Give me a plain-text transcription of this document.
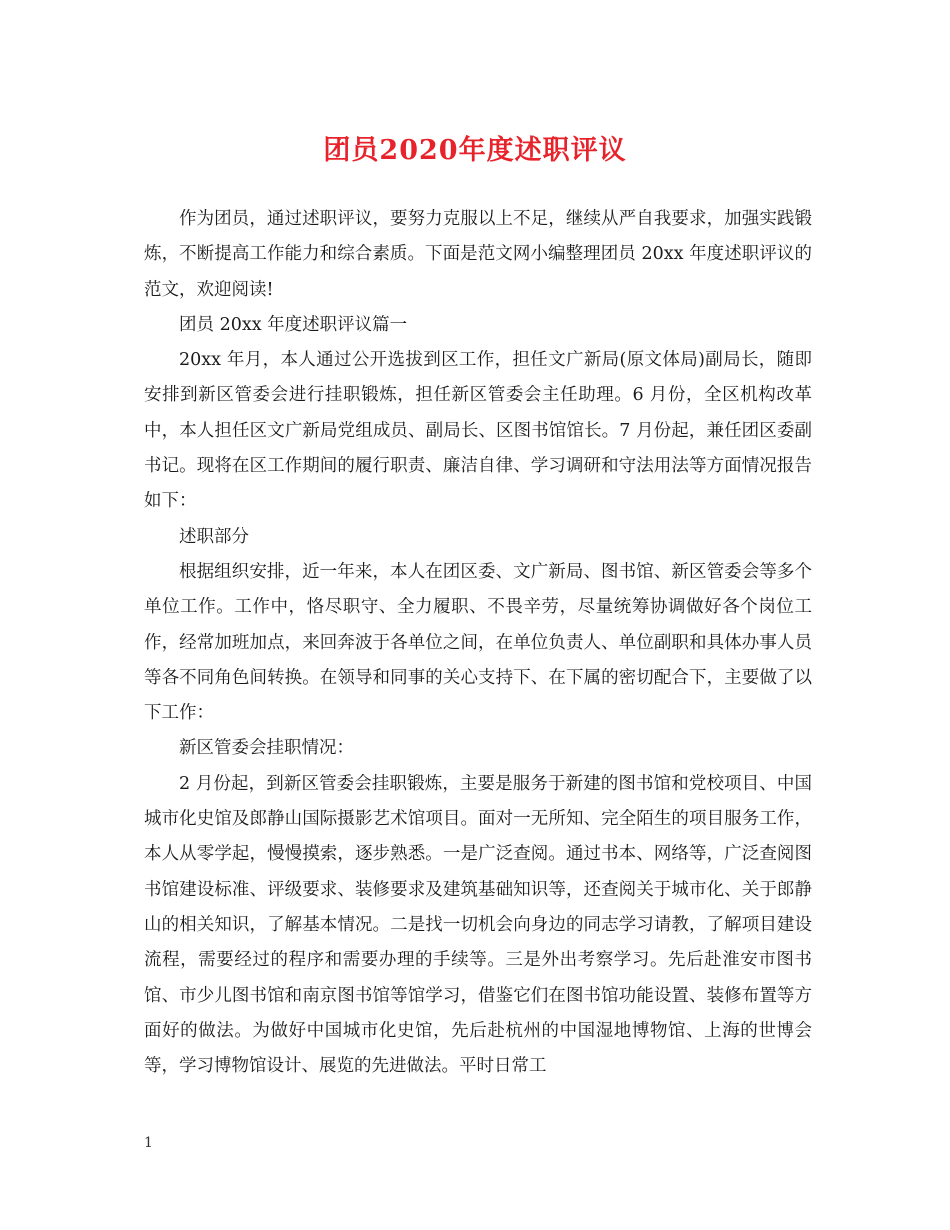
团员2020年度述职评议

作为团员，通过述职评议，要努力克服以上不足，继续从严自我要求，加强实践锻炼，不断提高工作能力和综合素质。下面是范文网小编整理团员 20xx 年度述职评议的范文，欢迎阅读!

团员 20xx 年度述职评议篇一

20xx 年月，本人通过公开选拔到区工作，担任文广新局(原文体局)副局长，随即安排到新区管委会进行挂职锻炼，担任新区管委会主任助理。6 月份，全区机构改革中，本人担任区文广新局党组成员、副局长、区图书馆馆长。7 月份起，兼任团区委副书记。现将在区工作期间的履行职责、廉洁自律、学习调研和守法用法等方面情况报告如下：

述职部分

根据组织安排，近一年来，本人在团区委、文广新局、图书馆、新区管委会等多个单位工作。工作中，恪尽职守、全力履职、不畏辛劳，尽量统筹协调做好各个岗位工作，经常加班加点，来回奔波于各单位之间，在单位负责人、单位副职和具体办事人员等各不同角色间转换。在领导和同事的关心支持下、在下属的密切配合下，主要做了以下工作：

新区管委会挂职情况：

2 月份起，到新区管委会挂职锻炼，主要是服务于新建的图书馆和党校项目、中国城市化史馆及郎静山国际摄影艺术馆项目。面对一无所知、完全陌生的项目服务工作，本人从零学起，慢慢摸索，逐步熟悉。一是广泛查阅。通过书本、网络等，广泛查阅图书馆建设标准、评级要求、装修要求及建筑基础知识等，还查阅关于城市化、关于郎静山的相关知识，了解基本情况。二是找一切机会向身边的同志学习请教，了解项目建设流程，需要经过的程序和需要办理的手续等。三是外出考察学习。先后赴淮安市图书馆、市少儿图书馆和南京图书馆等馆学习，借鉴它们在图书馆功能设置、装修布置等方面好的做法。为做好中国城市化史馆，先后赴杭州的中国湿地博物馆、上海的世博会等，学习博物馆设计、展览的先进做法。平时日常工

1
